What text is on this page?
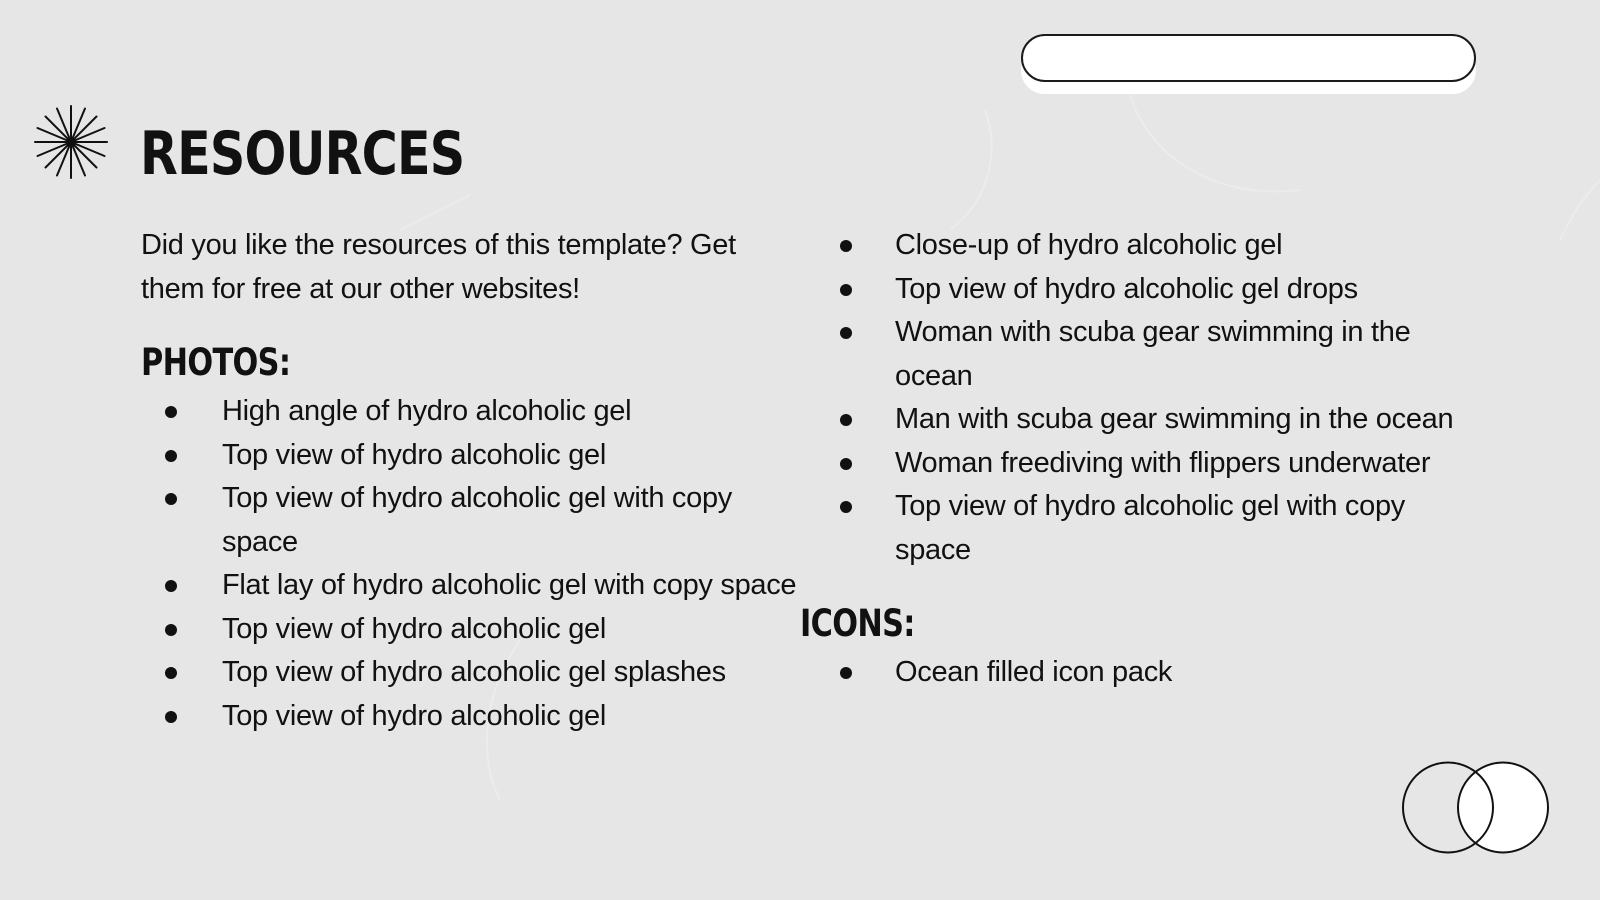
RESOURCES

Did you like the resources of this template? Get them for free at our other websites!

PHOTOS:
High angle of hydro alcoholic gel
Top view of hydro alcoholic gel
Top view of hydro alcoholic gel with copy space
Flat lay of hydro alcoholic gel with copy space
Top view of hydro alcoholic gel
Top view of hydro alcoholic gel splashes
Top view of hydro alcoholic gel
Close-up of hydro alcoholic gel
Top view of hydro alcoholic gel drops
Woman with scuba gear swimming in the ocean
Man with scuba gear swimming in the ocean
Woman freediving with flippers underwater
Top view of hydro alcoholic gel with copy space
ICONS:
Ocean filled icon pack
